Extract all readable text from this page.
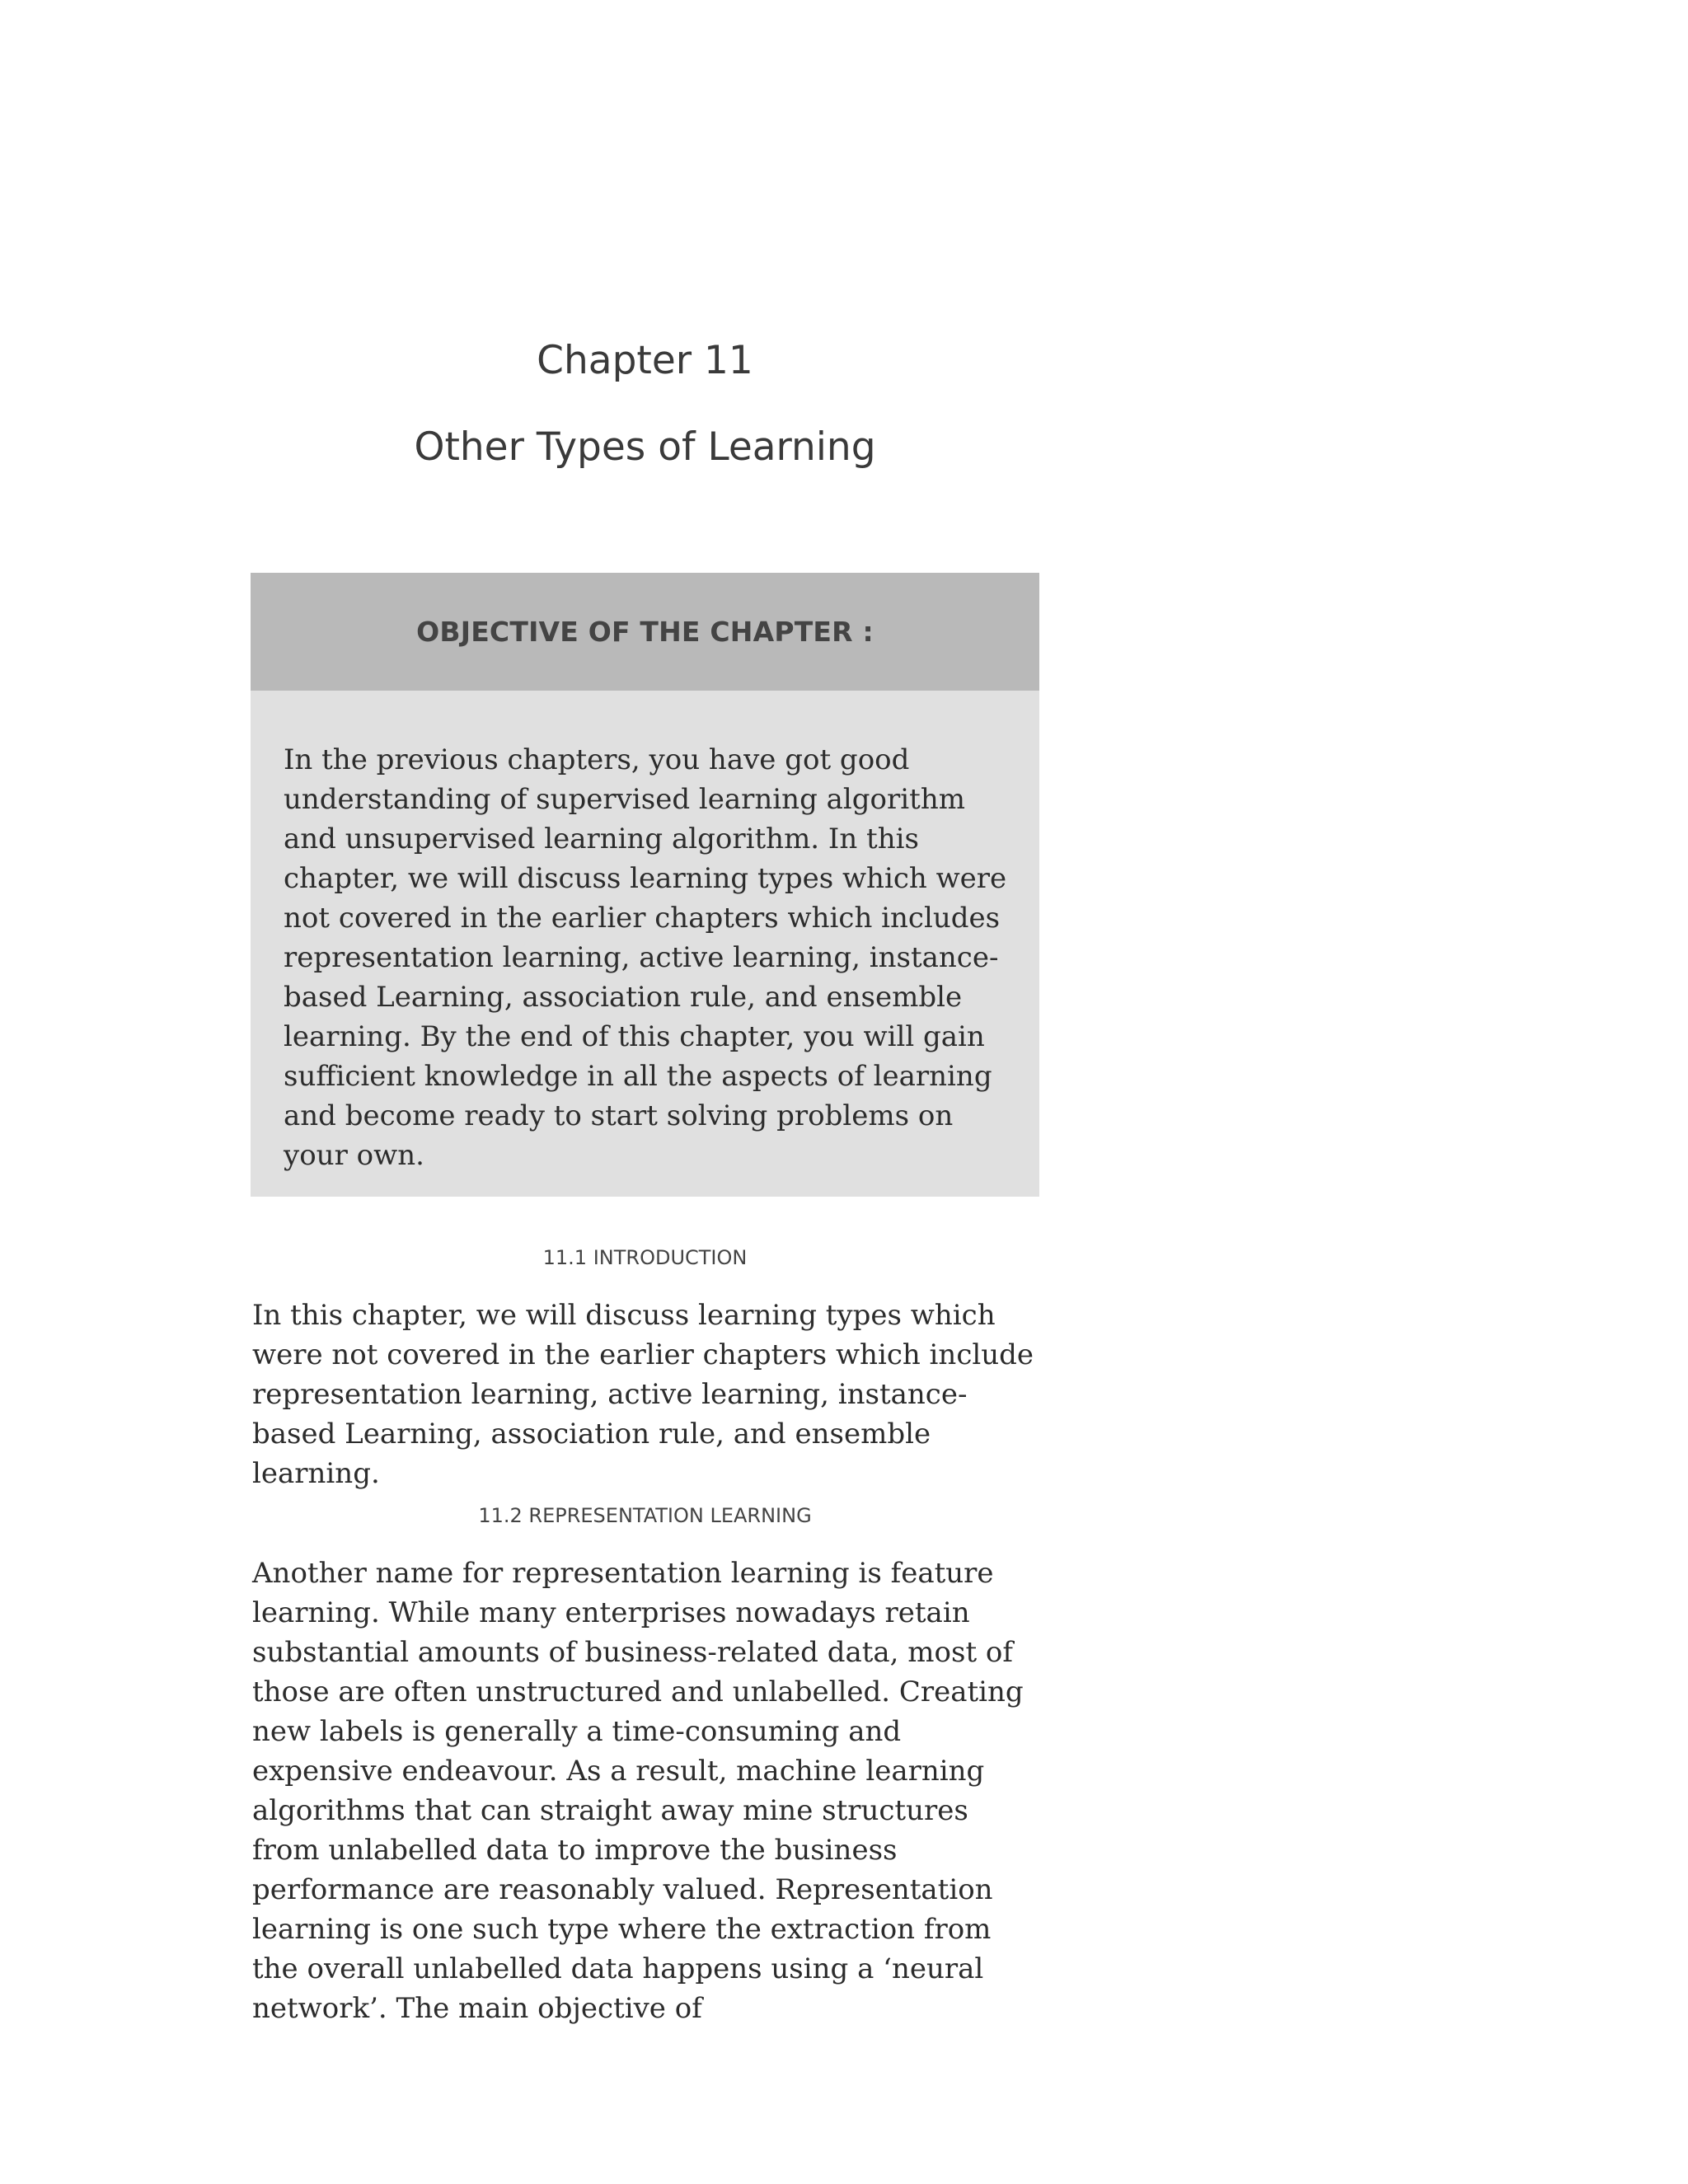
Chapter 11
Other Types of Learning
OBJECTIVE OF THE CHAPTER :

In the previous chapters, you have got good understanding of supervised learning algorithm and unsupervised learning algorithm. In this chapter, we will discuss learning types which were not covered in the earlier chapters which includes representation learning, active learning, instance-based Learning, association rule, and ensemble learning. By the end of this chapter, you will gain sufficient knowledge in all the aspects of learning and become ready to start solving problems on your own.

11.1 INTRODUCTION

In this chapter, we will discuss learning types which were not covered in the earlier chapters which include representation learning, active learning, instance-based Learning, association rule, and ensemble learning.

11.2 REPRESENTATION LEARNING

Another name for representation learning is feature learning. While many enterprises nowadays retain substantial amounts of business-related data, most of those are often unstructured and unlabelled. Creating new labels is generally a time-consuming and expensive endeavour. As a result, machine learning algorithms that can straight away mine structures from unlabelled data to improve the business performance are reasonably valued. Representation learning is one such type where the extraction from the overall unlabelled data happens using a ‘neural network’. The main objective of
